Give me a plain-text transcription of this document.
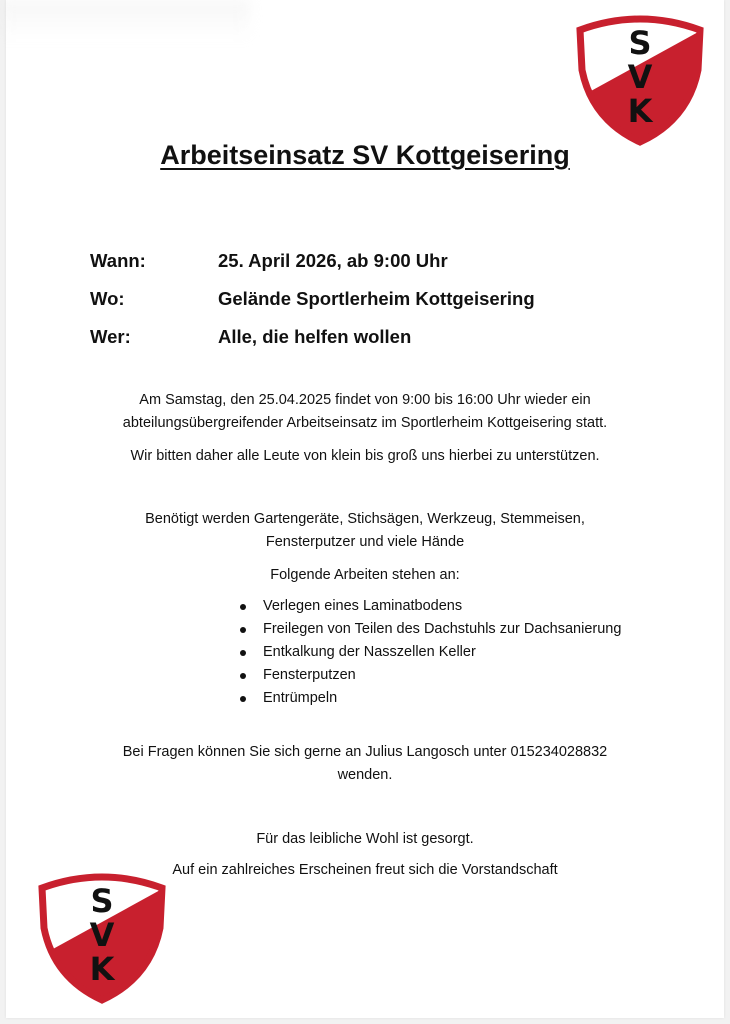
S
V
K
Arbeitseinsatz SV Kottgeisering
Wann:	25. April 2026, ab 9:00 Uhr
Wo:	Gelände Sportlerheim Kottgeisering
Wer:	Alle, die helfen wollen
Am Samstag, den 25.04.2025 findet von 9:00 bis 16:00 Uhr wieder ein
abteilungsübergreifender Arbeitseinsatz im Sportlerheim Kottgeisering statt.
Wir bitten daher alle Leute von klein bis groß uns hierbei zu unterstützen.
Benötigt werden Gartengeräte, Stichsägen, Werkzeug, Stemmeisen,
Fensterputzer und viele Hände
Folgende Arbeiten stehen an:
Verlegen eines Laminatbodens
Freilegen von Teilen des Dachstuhls zur Dachsanierung
Entkalkung der Nasszellen Keller
Fensterputzen
Entrümpeln
Bei Fragen können Sie sich gerne an Julius Langosch unter 015234028832
wenden.
Für das leibliche Wohl ist gesorgt.
Auf ein zahlreiches Erscheinen freut sich die Vorstandschaft
S
V
K
